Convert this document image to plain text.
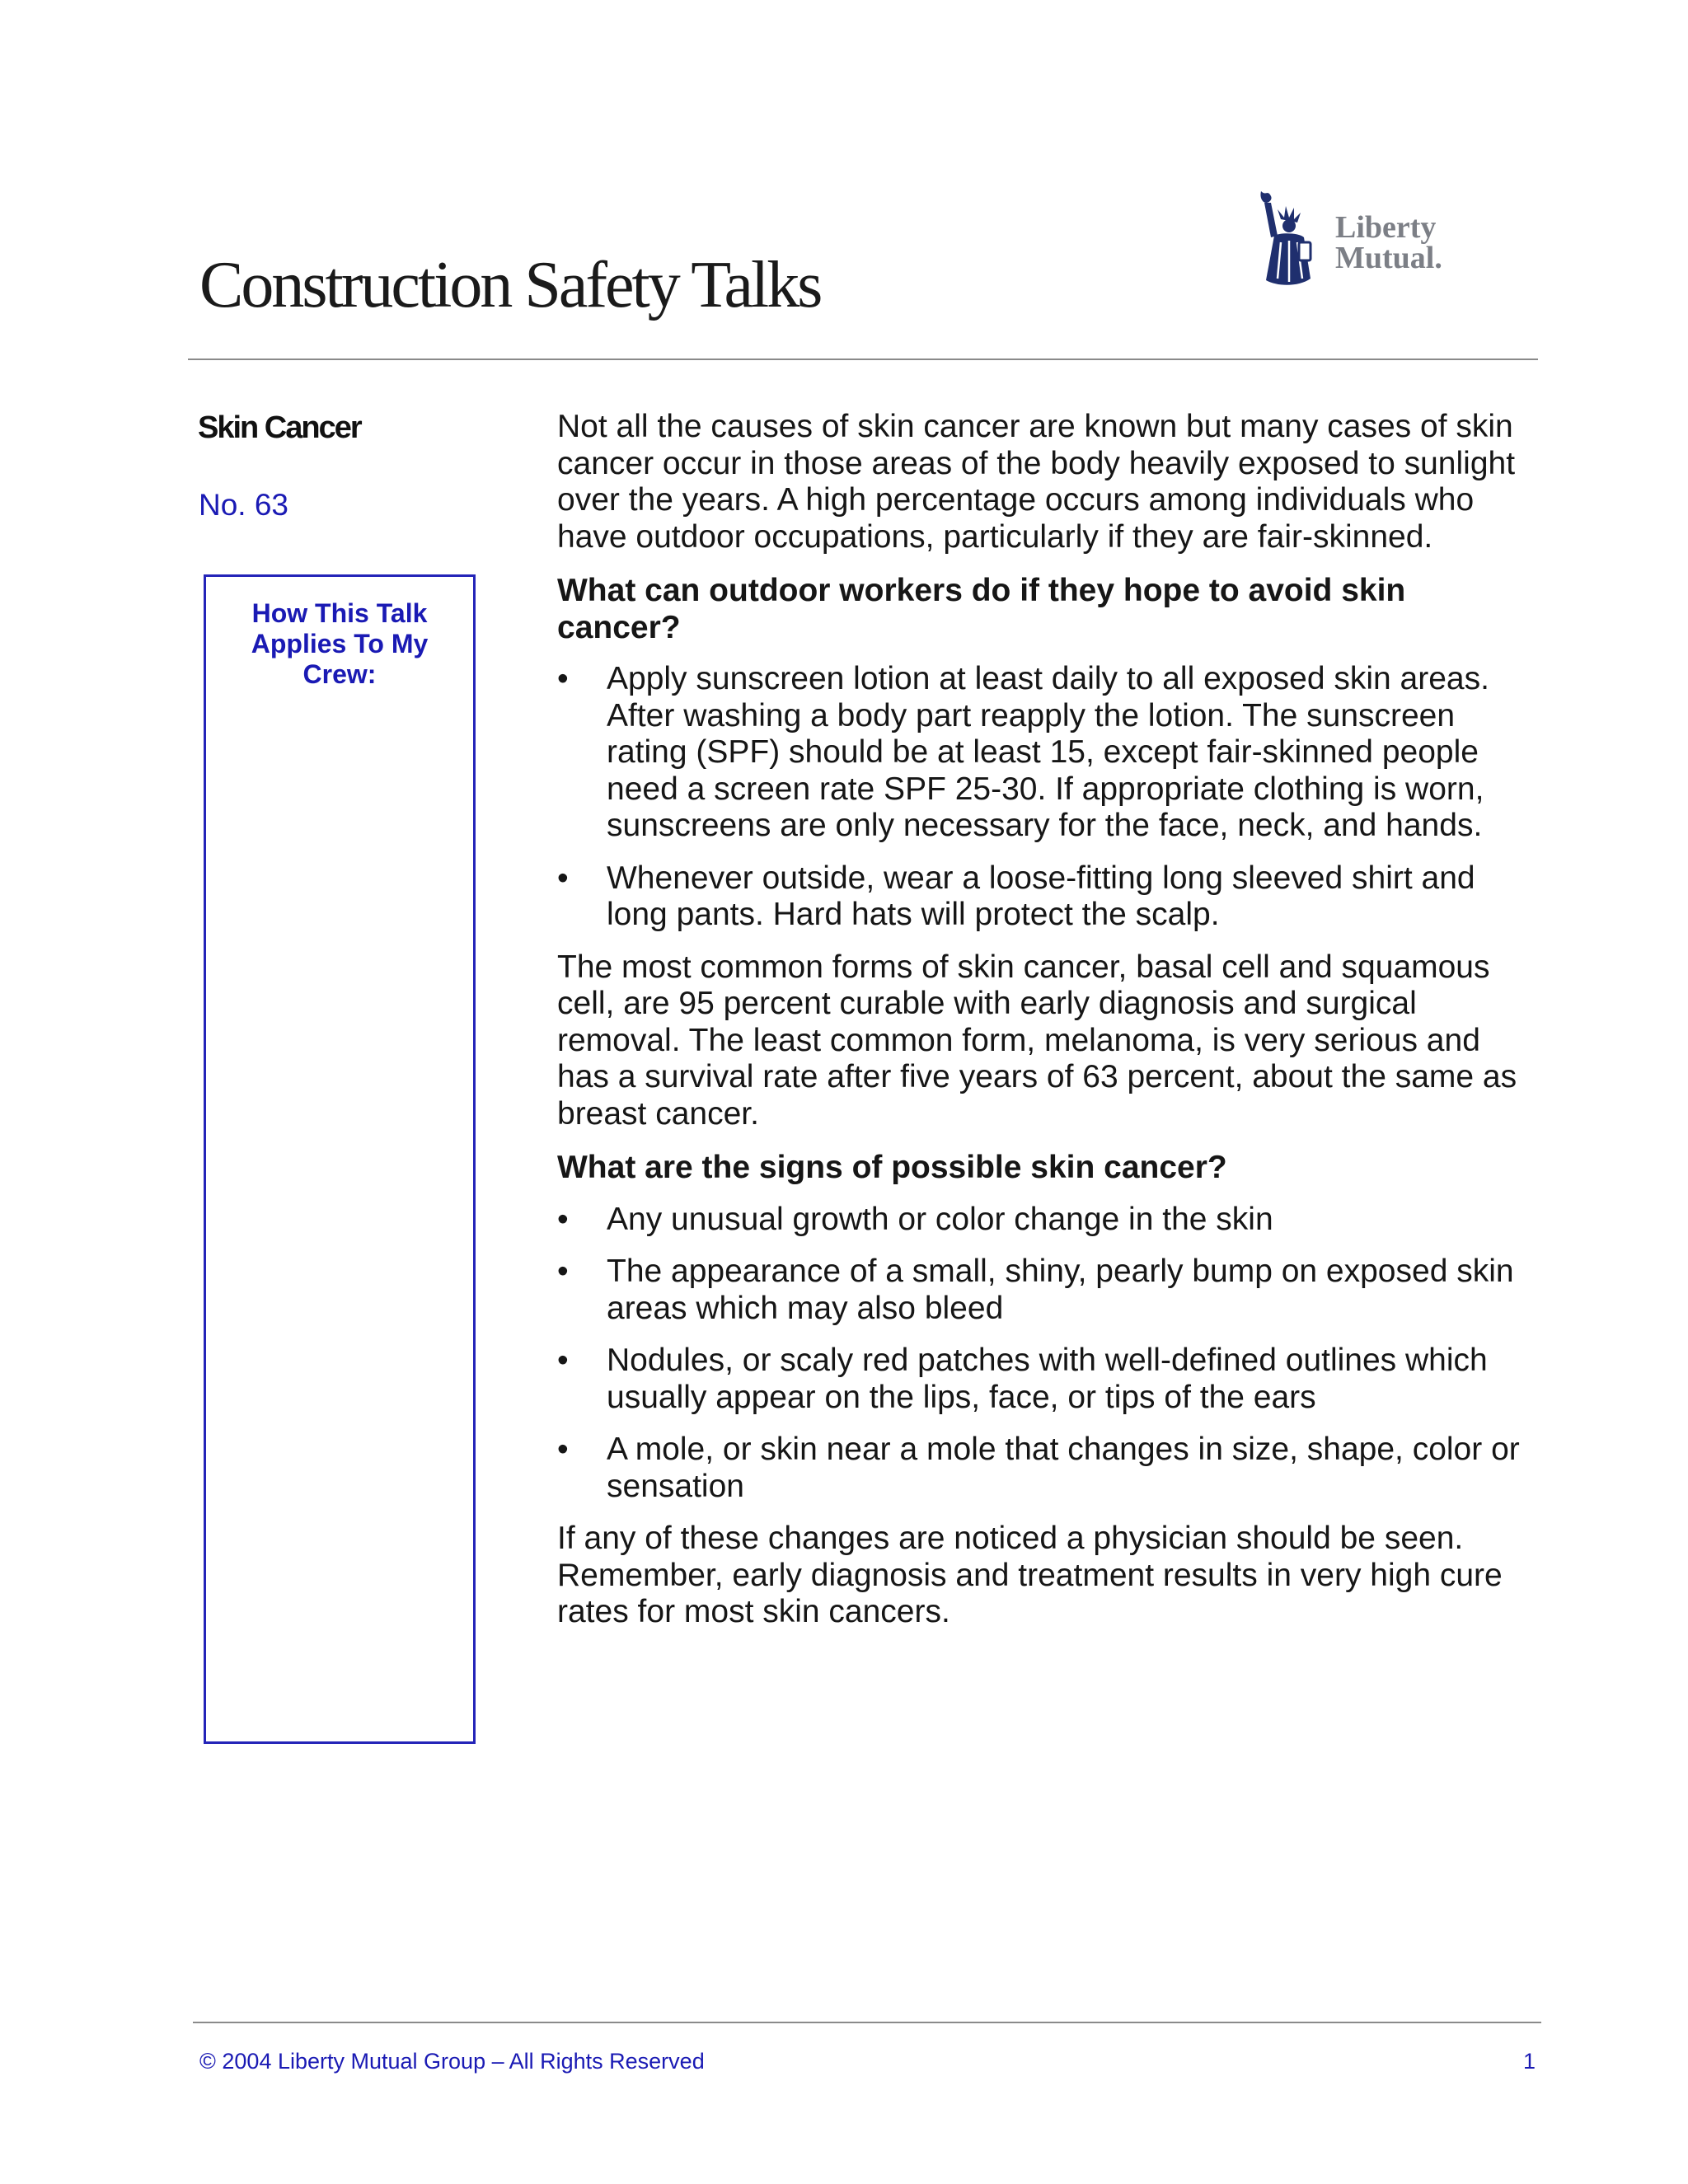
Construction Safety Talks
Liberty
Mutual.
Skin Cancer
No. 63
How This Talk
Applies To My
Crew:

Not all the causes of skin cancer are known but many cases of skin cancer occur in those areas of the body heavily exposed to sunlight over the years. A high percentage occurs among individuals who have outdoor occupations, particularly if they are fair-skinned.

What can outdoor workers do if they hope to avoid skin cancer?
• Apply sunscreen lotion at least daily to all exposed skin areas. After washing a body part reapply the lotion. The sunscreen rating (SPF) should be at least 15, except fair-skinned people need a screen rate SPF 25-30. If appropriate clothing is worn, sunscreens are only necessary for the face, neck, and hands.
• Whenever outside, wear a loose-fitting long sleeved shirt and long pants. Hard hats will protect the scalp.

The most common forms of skin cancer, basal cell and squamous cell, are 95 percent curable with early diagnosis and surgical removal. The least common form, melanoma, is very serious and has a survival rate after five years of 63 percent, about the same as breast cancer.

What are the signs of possible skin cancer?
• Any unusual growth or color change in the skin
• The appearance of a small, shiny, pearly bump on exposed skin areas which may also bleed
• Nodules, or scaly red patches with well-defined outlines which usually appear on the lips, face, or tips of the ears
• A mole, or skin near a mole that changes in size, shape, color or sensation

If any of these changes are noticed a physician should be seen. Remember, early diagnosis and treatment results in very high cure rates for most skin cancers.

© 2004 Liberty Mutual Group – All Rights Reserved	1
